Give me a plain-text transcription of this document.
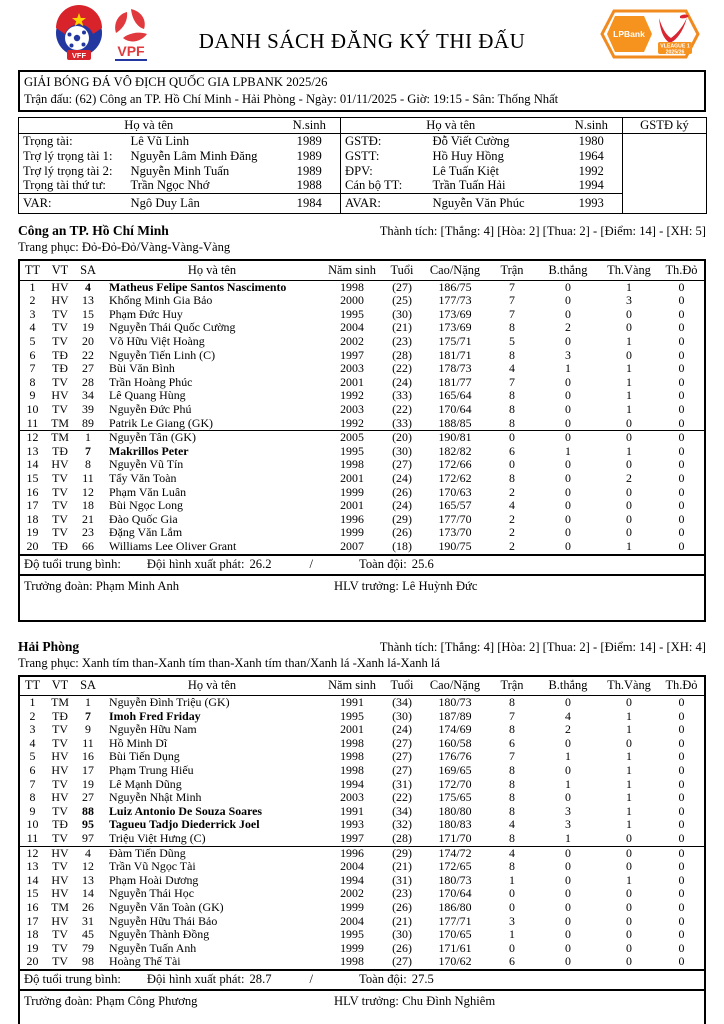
VFF VPF	DANH SÁCH ĐĂNG KÝ THI ĐẤU	LPBank
VLEAGUE 1
2025/26
GIẢI BÓNG ĐÁ VÔ ĐỊCH QUỐC GIA LPBANK 2025/26
Trận đấu: (62) Công an TP. Hồ Chí Minh - Hải Phòng - Ngày: 01/11/2025 - Giờ: 19:15 - Sân: Thống Nhất
Họ và tên		N.sinh	Họ và tên		N.sinh	GSTĐ ký
Trọng tài:	Lê Vũ Linh	1989	GSTĐ:	Đỗ Viết Cường	1980	
Trợ lý trọng tài 1:	Nguyễn Lâm Minh Đăng	1989	GSTT:	Hồ Huy Hồng	1964	
Trợ lý trọng tài 2:	Nguyễn Minh Tuấn	1989	ĐPV:	Lê Tuấn Kiệt	1992	
Trọng tài thứ tư:	Trần Ngọc Nhớ	1988	Cán bộ TT:	Trần Tuấn Hải	1994	
VAR:	Ngô Duy Lân	1984	AVAR:	Nguyễn Văn Phúc	1993	
Công an TP. Hồ Chí Minh	Thành tích: [Thắng: 4] [Hòa: 2] [Thua: 2] - [Điểm: 14] - [XH: 5]
Trang phục: Đỏ-Đỏ-Đỏ/Vàng-Vàng-Vàng
TT	VT	SA	Họ và tên	Năm sinh	Tuổi	Cao/Nặng	Trận	B.thắng	Th.Vàng	Th.Đỏ
1	HV	4	Matheus Felipe Santos Nascimento	1998	(27)	186/75	7	0	1	0
2	HV	13	Khổng Minh Gia Bảo	2000	(25)	177/73	7	0	3	0
3	TV	15	Phạm Đức Huy	1995	(30)	173/69	7	0	0	0
4	TV	19	Nguyễn Thái Quốc Cường	2004	(21)	173/69	8	2	0	0
5	TV	20	Võ Hữu Việt Hoàng	2002	(23)	175/71	5	0	1	0
6	TĐ	22	Nguyễn Tiến Linh (C)	1997	(28)	181/71	8	3	0	0
7	TĐ	27	Bùi Văn Bình	2003	(22)	178/73	4	1	1	0
8	TV	28	Trần Hoàng Phúc	2001	(24)	181/77	7	0	1	0
9	HV	34	Lê Quang Hùng	1992	(33)	165/64	8	0	1	0
10	TV	39	Nguyễn Đức Phú	2003	(22)	170/64	8	0	1	0
11	TM	89	Patrik Le Giang (GK)	1992	(33)	188/85	8	0	0	0
12	TM	1	Nguyễn Tân (GK)	2005	(20)	190/81	0	0	0	0
13	TĐ	7	Makrillos Peter	1995	(30)	182/82	6	1	1	0
14	HV	8	Nguyễn Vũ Tín	1998	(27)	172/66	0	0	0	0
15	TV	11	Tẩy Văn Toàn	2001	(24)	172/62	8	0	2	0
16	TV	12	Phạm Văn Luân	1999	(26)	170/63	2	0	0	0
17	TV	18	Bùi Ngọc Long	2001	(24)	165/57	4	0	0	0
18	TV	21	Đào Quốc Gia	1996	(29)	177/70	2	0	0	0
19	TV	23	Đặng Văn Lắm	1999	(26)	173/70	2	0	0	0
20	TĐ	66	Williams Lee Oliver Grant	2007	(18)	190/75	2	0	1	0
Độ tuổi trung bình: Đội hình xuất phát: 26.2	/	Toàn đội: 25.6
Trưởng đoàn: Phạm Minh Anh	HLV trưởng: Lê Huỳnh Đức
Hải Phòng	Thành tích: [Thắng: 4] [Hòa: 2] [Thua: 2] - [Điểm: 14] - [XH: 4]
Trang phục: Xanh tím than-Xanh tím than-Xanh tím than/Xanh lá -Xanh lá-Xanh lá
TT	VT	SA	Họ và tên	Năm sinh	Tuổi	Cao/Nặng	Trận	B.thắng	Th.Vàng	Th.Đỏ
1	TM	1	Nguyễn Đình Triệu (GK)	1991	(34)	180/73	8	0	0	0
2	TĐ	7	Imoh Fred Friday	1995	(30)	187/89	7	4	1	0
3	TV	9	Nguyễn Hữu Nam	2001	(24)	174/69	8	2	1	0
4	TV	11	Hồ Minh Dĩ	1998	(27)	160/58	6	0	0	0
5	HV	16	Bùi Tiến Dụng	1998	(27)	176/76	7	1	1	0
6	HV	17	Phạm Trung Hiếu	1998	(27)	169/65	8	0	1	0
7	TV	19	Lê Mạnh Dũng	1994	(31)	172/70	8	1	1	0
8	HV	27	Nguyễn Nhật Minh	2003	(22)	175/65	8	0	1	0
9	TV	88	Luiz Antonio De Souza Soares	1991	(34)	180/80	8	3	1	0
10	TĐ	95	Tagueu Tadjo Diederrick Joel	1993	(32)	180/83	4	3	1	0
11	TV	97	Triệu Việt Hưng (C)	1997	(28)	171/70	8	1	0	0
12	HV	4	Đàm Tiến Dũng	1996	(29)	174/72	4	0	0	0
13	TV	12	Trần Vũ Ngọc Tài	2004	(21)	172/65	8	0	0	0
14	HV	13	Phạm Hoài Dương	1994	(31)	180/73	1	0	1	0
15	HV	14	Nguyễn Thái Học	2002	(23)	170/64	0	0	0	0
16	TM	26	Nguyễn Văn Toàn (GK)	1999	(26)	186/80	0	0	0	0
17	HV	31	Nguyễn Hữu Thái Bảo	2004	(21)	177/71	3	0	0	0
18	TV	45	Nguyễn Thành Đồng	1995	(30)	170/65	1	0	0	0
19	TV	79	Nguyễn Tuấn Anh	1999	(26)	171/61	0	0	0	0
20	TV	98	Hoàng Thế Tài	1998	(27)	170/62	6	0	0	0
Độ tuổi trung bình: Đội hình xuất phát: 28.7	/	Toàn đội: 27.5
Trưởng đoàn: Phạm Công Phương	HLV trưởng: Chu Đình Nghiêm
